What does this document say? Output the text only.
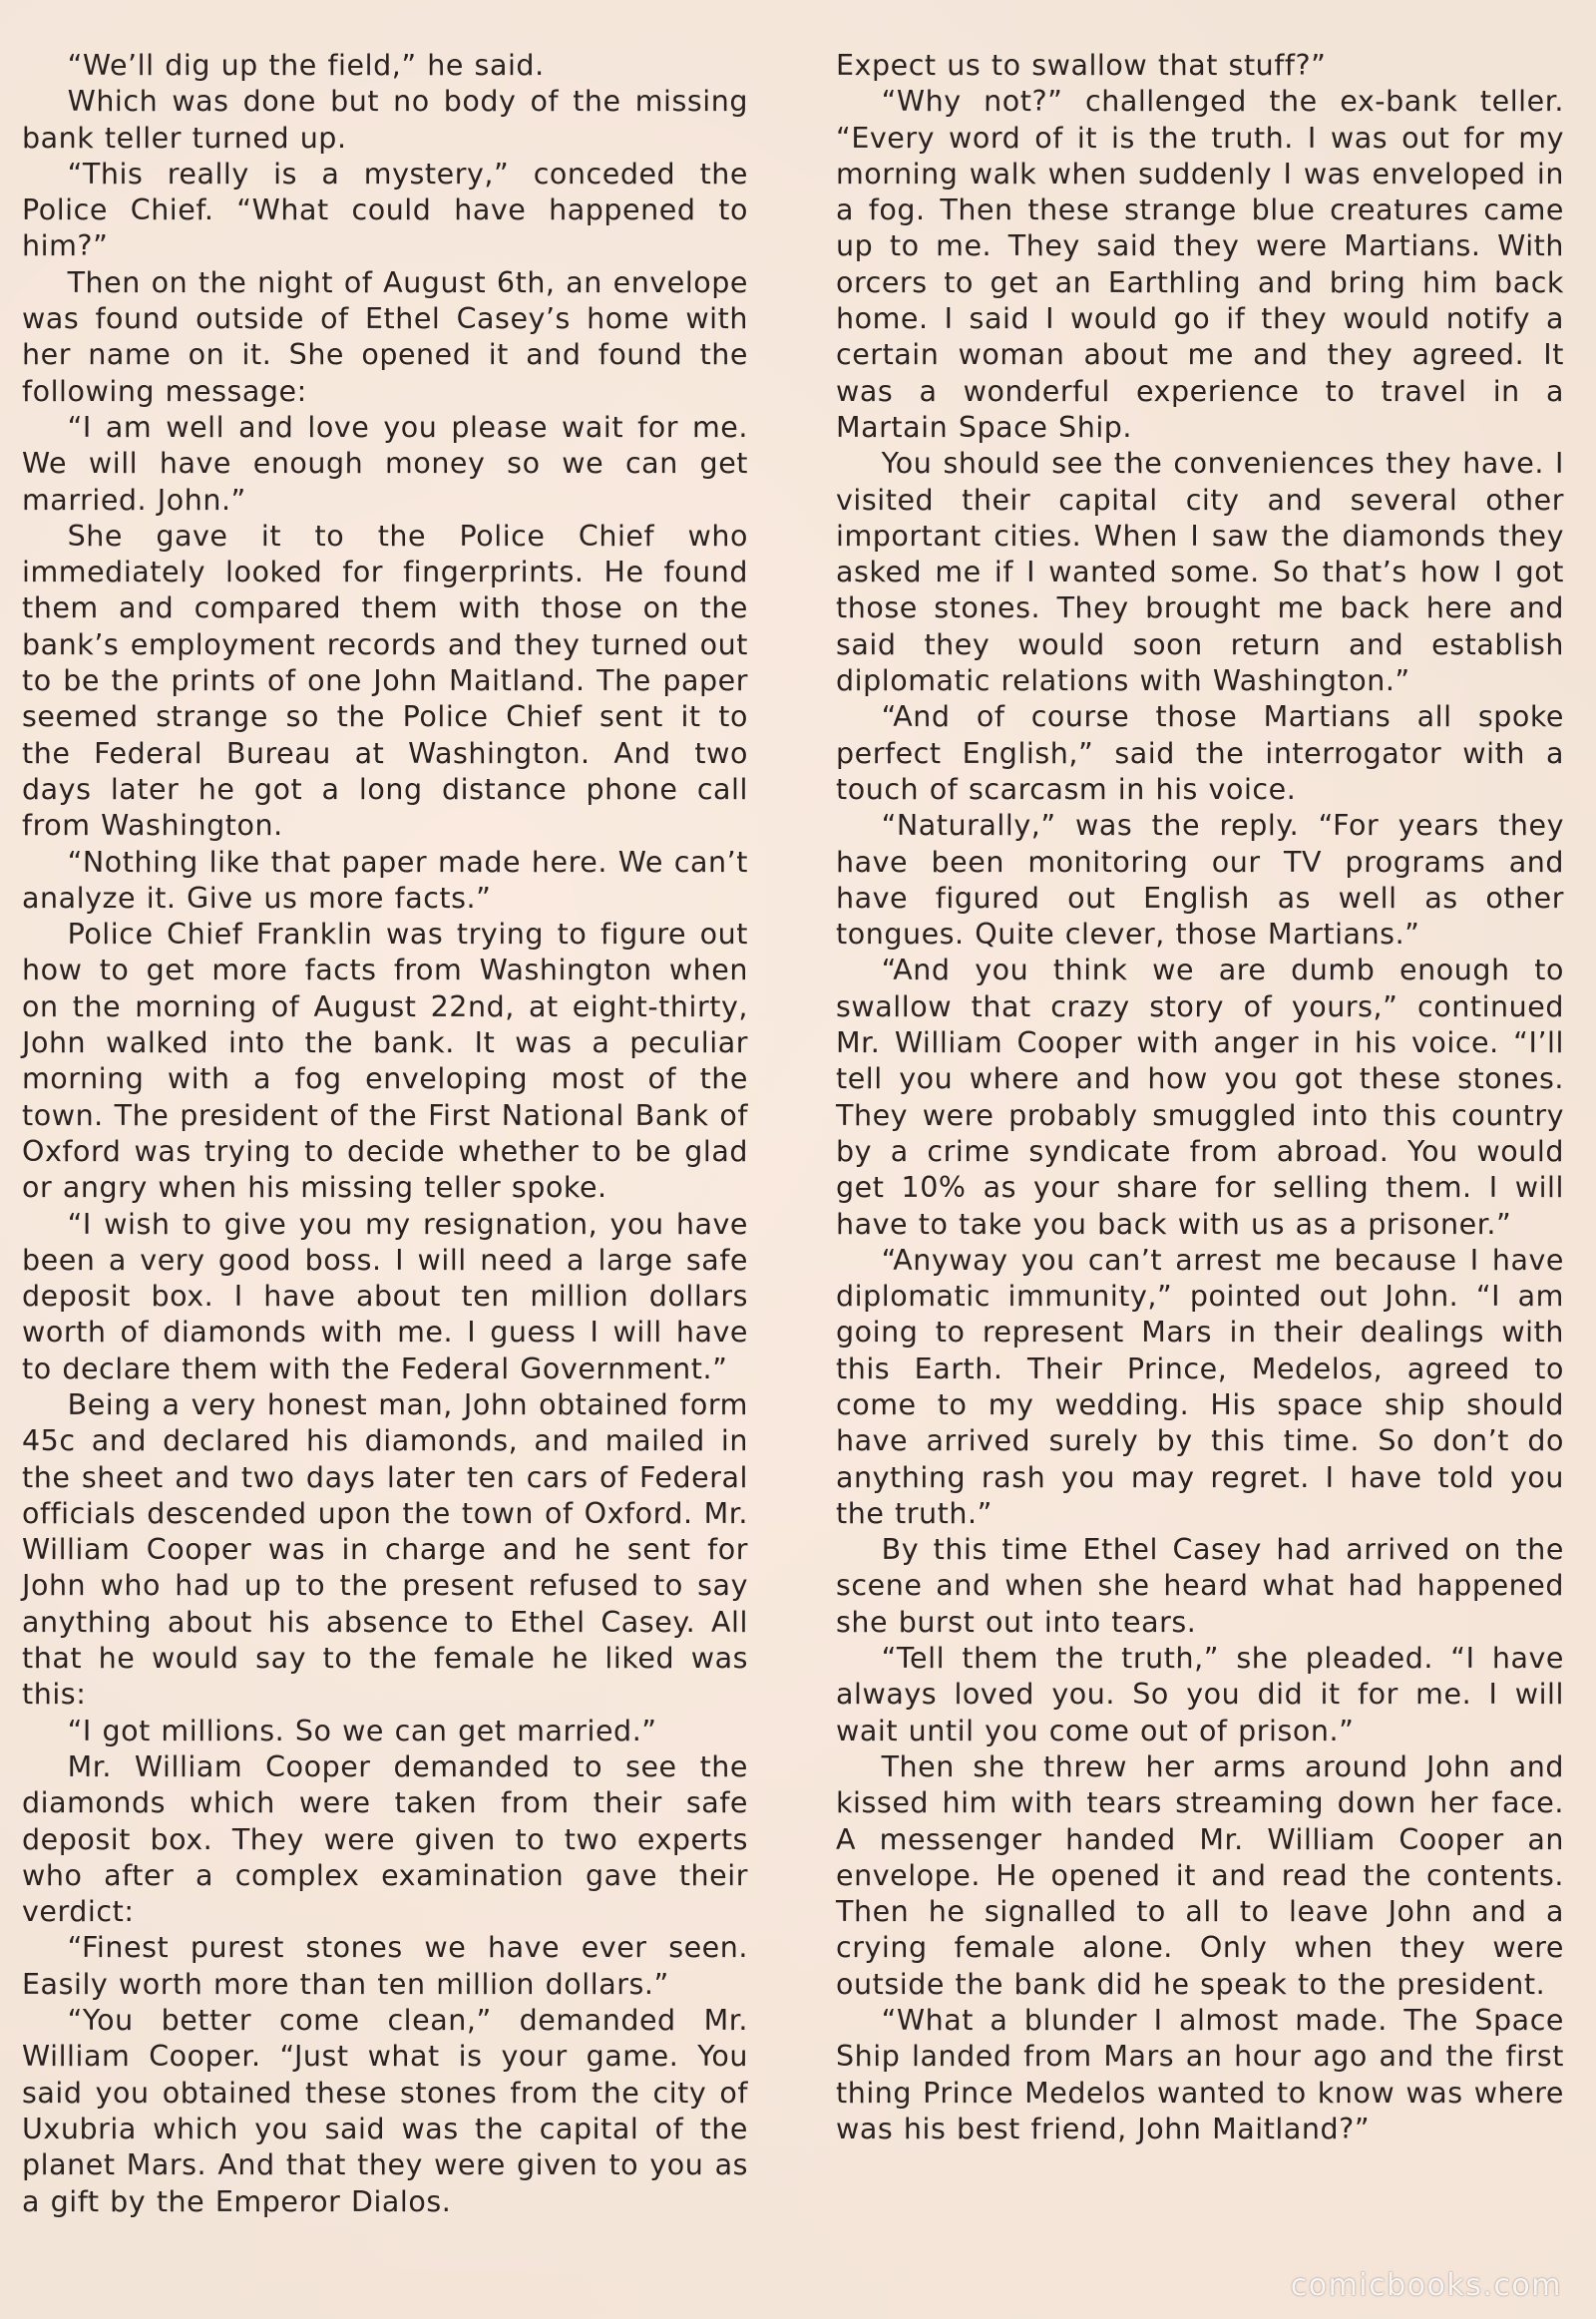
“We’ll dig up the field,” he said.

Which was done but no body of the missing bank teller turned up.

“This really is a mystery,” conceded the Police Chief. “What could have happened to him?”

Then on the night of August 6th, an envelope was found outside of Ethel Casey’s home with her name on it. She opened it and found the following message:

“I am well and love you please wait for me. We will have enough money so we can get married. John.”

She gave it to the Police Chief who immediately looked for fingerprints. He found them and compared them with those on the bank’s employment records and they turned out to be the prints of one John Maitland. The paper seemed strange so the Police Chief sent it to the Federal Bureau at Washington. And two days later he got a long distance phone call from Washington.

“Nothing like that paper made here. We can’t analyze it. Give us more facts.”

Police Chief Franklin was trying to figure out how to get more facts from Washington when on the morning of August 22nd, at eight-thirty, John walked into the bank. It was a peculiar morning with a fog enveloping most of the town. The president of the First National Bank of Oxford was trying to decide whether to be glad or angry when his missing teller spoke.

“I wish to give you my resignation, you have been a very good boss. I will need a large safe deposit box. I have about ten million dollars worth of diamonds with me. I guess I will have to declare them with the Federal Government.”

Being a very honest man, John obtained form 45c and declared his diamonds, and mailed in the sheet and two days later ten cars of Federal officials descended upon the town of Oxford. Mr. William Cooper was in charge and he sent for John who had up to the present refused to say anything about his absence to Ethel Casey. All that he would say to the female he liked was this:

“I got millions. So we can get married.”

Mr. William Cooper demanded to see the diamonds which were taken from their safe deposit box. They were given to two experts who after a complex examination gave their verdict:

“Finest purest stones we have ever seen. Easily worth more than ten million dollars.”

“You better come clean,” demanded Mr. William Cooper. “Just what is your game. You said you obtained these stones from the city of Uxubria which you said was the capital of the planet Mars. And that they were given to you as a gift by the Emperor Dialos.

Expect us to swallow that stuff?”

“Why not?” challenged the ex-bank teller. “Every word of it is the truth. I was out for my morning walk when suddenly I was enveloped in a fog. Then these strange blue creatures came up to me. They said they were Martians. With orcers to get an Earthling and bring him back home. I said I would go if they would notify a certain woman about me and they agreed. It was a wonderful experience to travel in a Martain Space Ship.

You should see the conveniences they have. I visited their capital city and several other important cities. When I saw the diamonds they asked me if I wanted some. So that’s how I got those stones. They brought me back here and said they would soon return and establish diplomatic relations with Washington.”

“And of course those Martians all spoke perfect English,” said the interrogator with a touch of scarcasm in his voice.

“Naturally,” was the reply. “For years they have been monitoring our TV programs and have figured out English as well as other tongues. Quite clever, those Martians.”

“And you think we are dumb enough to swallow that crazy story of yours,” continued Mr. William Cooper with anger in his voice. “I’ll tell you where and how you got these stones. They were probably smuggled into this country by a crime syndicate from abroad. You would get 10% as your share for selling them. I will have to take you back with us as a prisoner.”

“Anyway you can’t arrest me because I have diplomatic immunity,” pointed out John. “I am going to represent Mars in their dealings with this Earth. Their Prince, Medelos, agreed to come to my wedding. His space ship should have arrived surely by this time. So don’t do anything rash you may regret. I have told you the truth.”

By this time Ethel Casey had arrived on the scene and when she heard what had happened she burst out into tears.

“Tell them the truth,” she pleaded. “I have always loved you. So you did it for me. I will wait until you come out of prison.”

Then she threw her arms around John and kissed him with tears streaming down her face. A messenger handed Mr. William Cooper an envelope. He opened it and read the contents. Then he signalled to all to leave John and a crying female alone. Only when they were outside the bank did he speak to the president.

“What a blunder I almost made. The Space Ship landed from Mars an hour ago and the first thing Prince Medelos wanted to know was where was his best friend, John Maitland?”

comicbooks.com
